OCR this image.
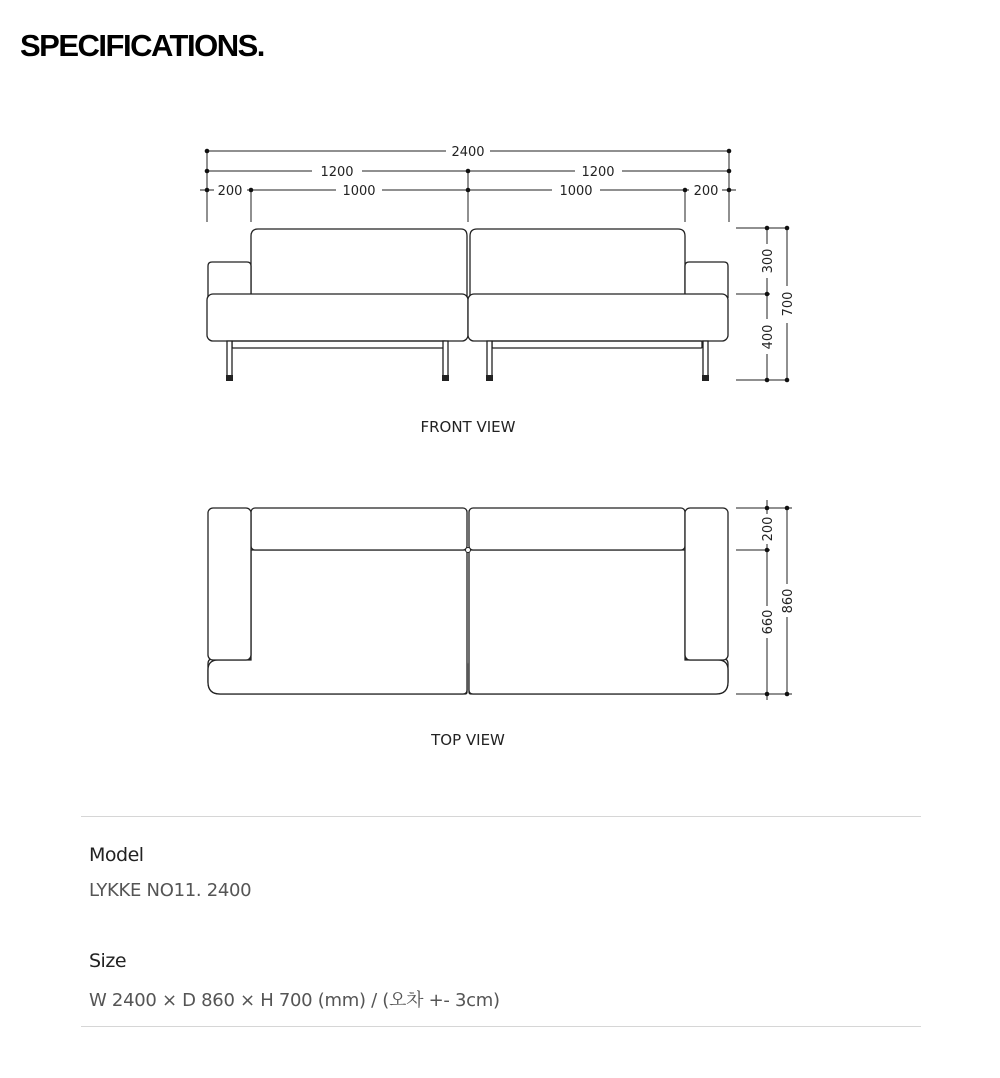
SPECIFICATIONS.
2400
1200	1200
200	1000	1000	200
300
400
700
FRONT VIEW
200
660
860
TOP VIEW
Model
LYKKE NO11. 2400
Size
W 2400 × D 860 × H 700 (mm) / (오차 +- 3cm)
